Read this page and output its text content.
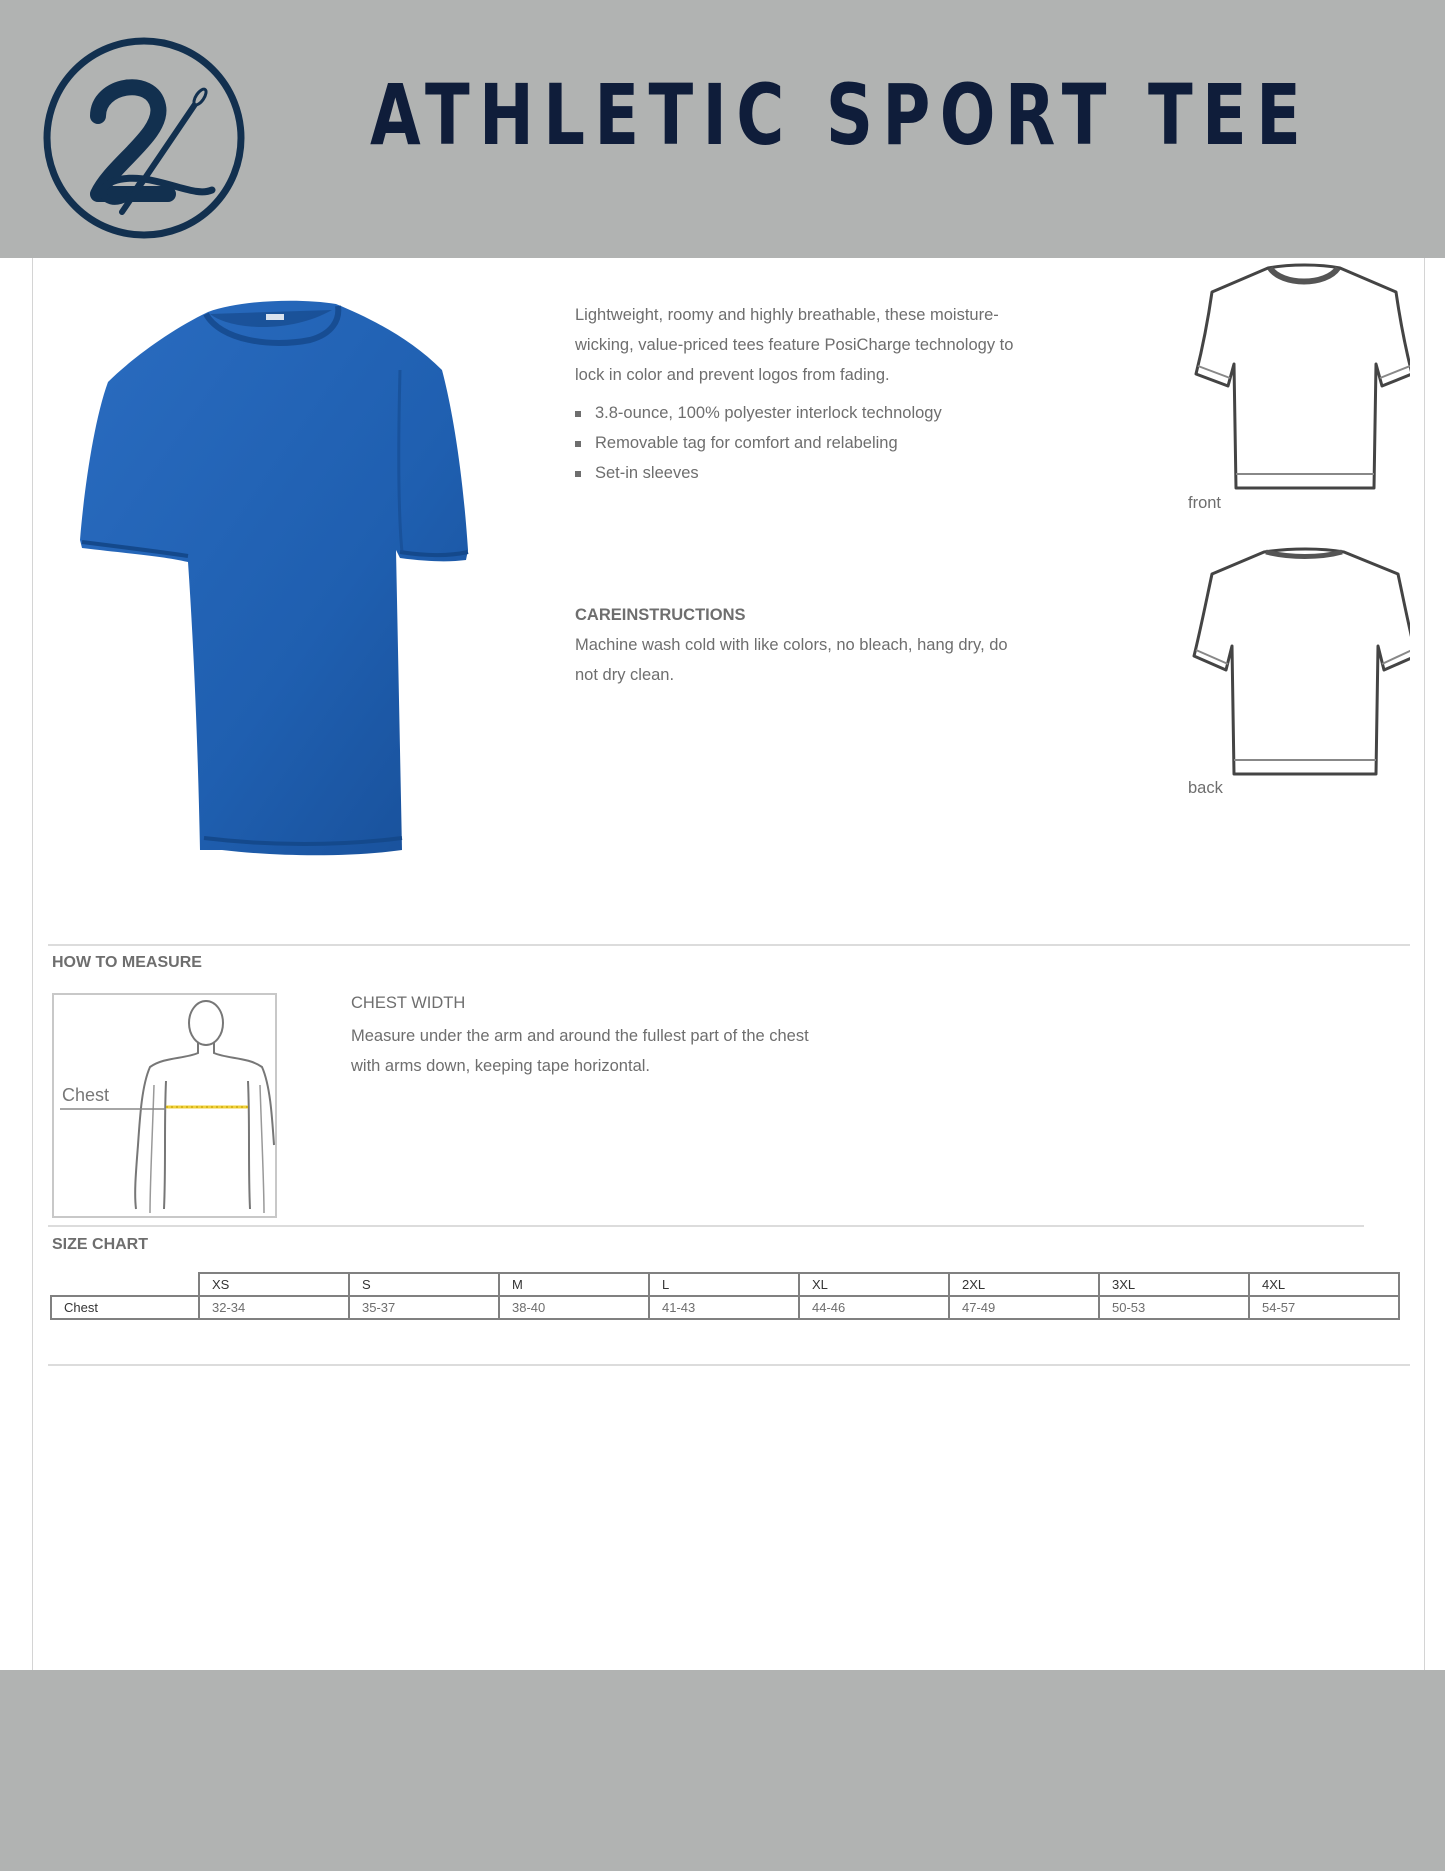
ATHLETIC SPORT TEE

Lightweight, roomy and highly breathable, these moisture-wicking, value-priced tees feature PosiCharge technology to lock in color and prevent logos from fading.

3.8-ounce, 100% polyester interlock technology
Removable tag for comfort and relabeling
Set-in sleeves
CAREINSTRUCTIONS
Machine wash cold with like colors, no bleach, hang dry, do not dry clean.
front
back
HOW TO MEASURE
Chest
CHEST WIDTH
Measure under the arm and around the fullest part of the chest with arms down, keeping tape horizontal.
SIZE CHART
	XS	S	M	L	XL	2XL	3XL	4XL
Chest	32-34	35-37	38-40	41-43	44-46	47-49	50-53	54-57
